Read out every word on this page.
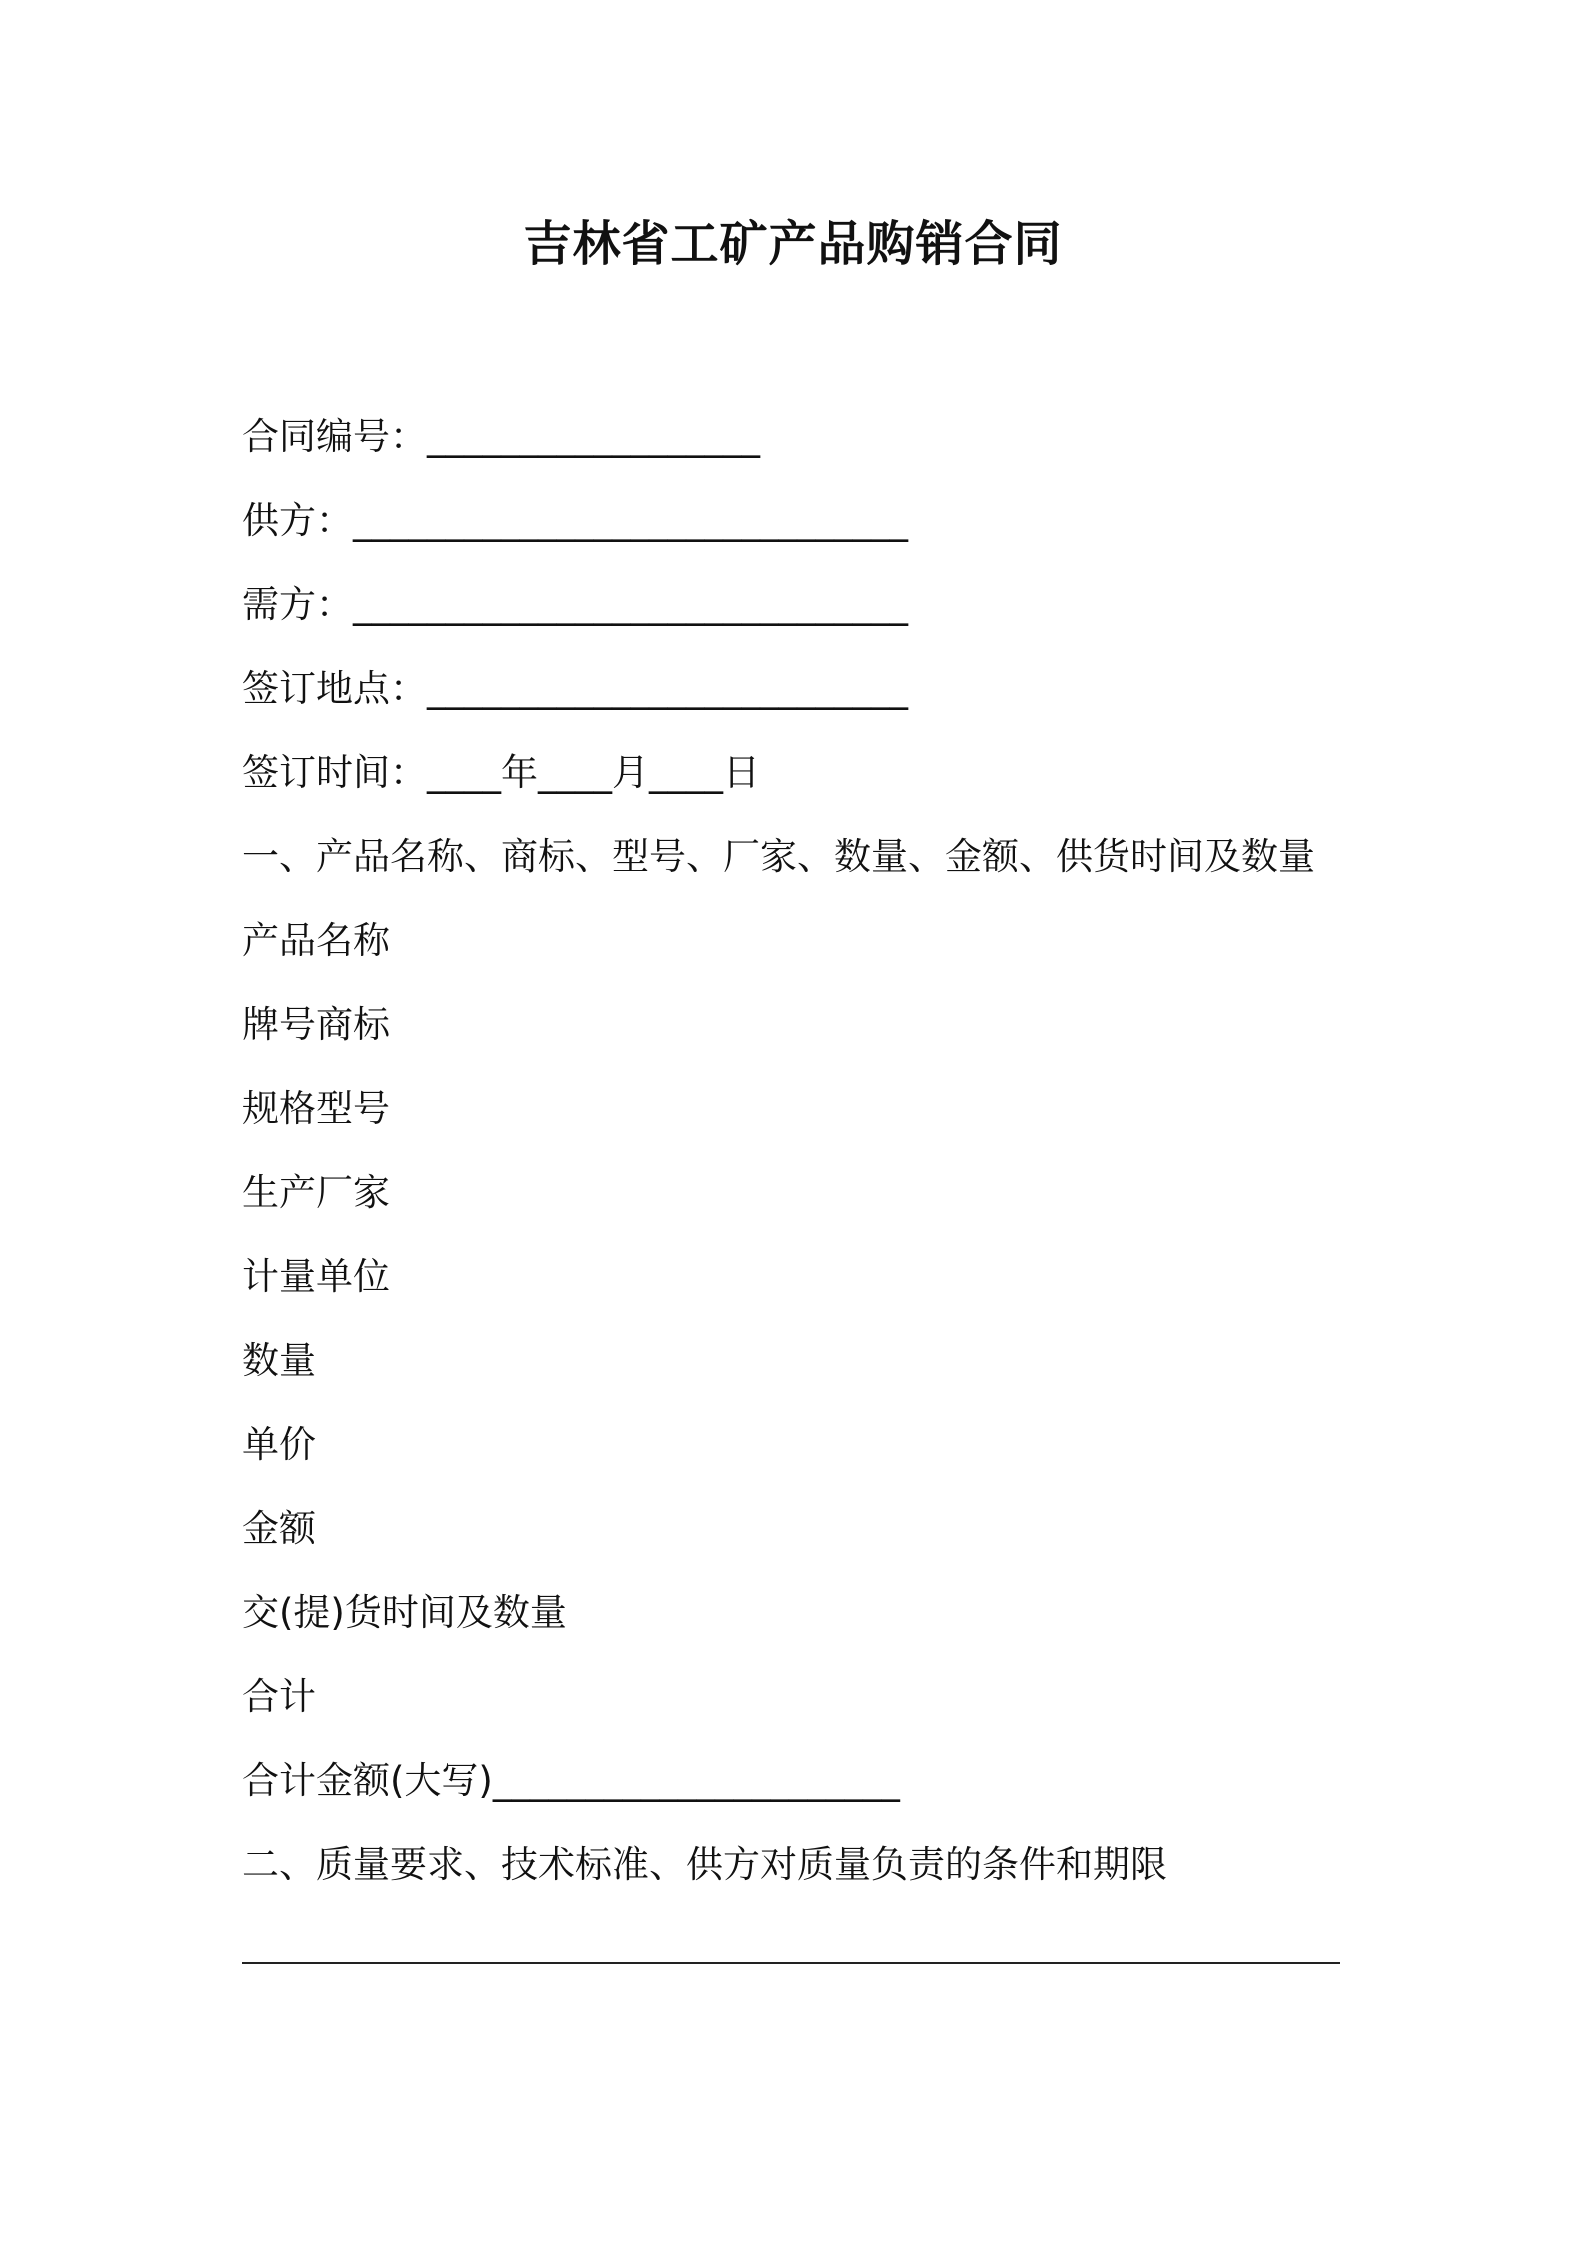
吉林省工矿产品购销合同
合同编号：__________________
供方：______________________________
需方：______________________________
签订地点：__________________________
签订时间：____年____月____日
一、产品名称、商标、型号、厂家、数量、金额、供货时间及数量
产品名称
牌号商标
规格型号
生产厂家
计量单位
数量
单价
金额
交(提)货时间及数量
合计
合计金额(大写)______________________
二、质量要求、技术标准、供方对质量负责的条件和期限
